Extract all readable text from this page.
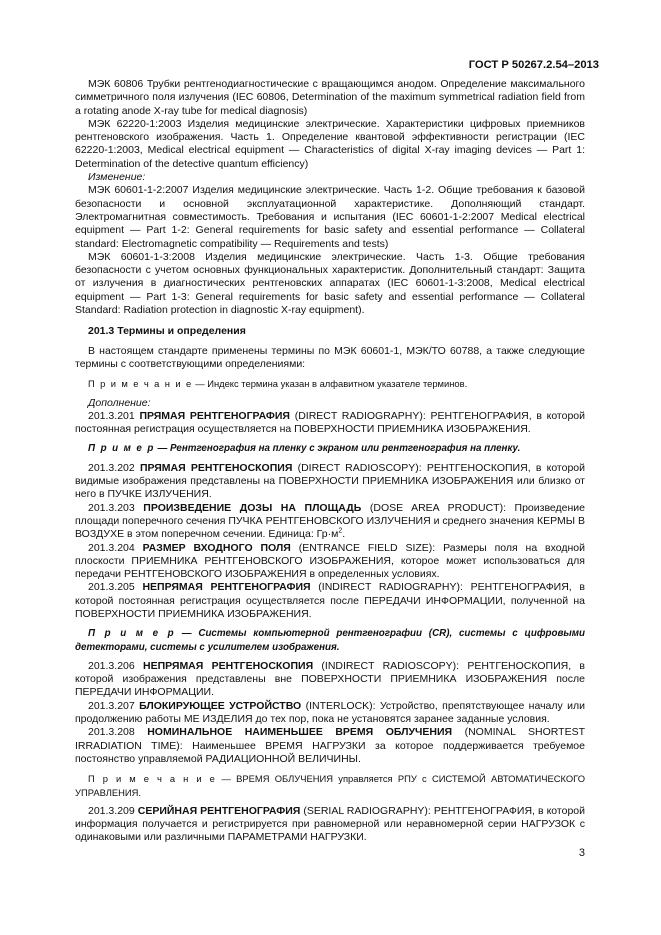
ГОСТ Р 50267.2.54–2013

МЭК 60806 Трубки рентгенодиагностические с вращающимся анодом. Определение максимального симметричного поля излучения (IEC 60806, Determination of the maximum symmetrical radiation field from a rotating anode X-ray tube for medical diagnosis)

МЭК 62220-1:2003 Изделия медицинские электрические. Характеристики цифровых приемников рентгеновского изображения. Часть 1. Определение квантовой эффективности регистрации (IEC 62220-1:2003, Medical electrical equipment — Characteristics of digital X-ray imaging devices — Part 1: Determination of the detective quantum efficiency)

Изменение:

МЭК 60601-1-2:2007 Изделия медицинские электрические. Часть 1-2. Общие требования к базовой безопасности и основной эксплуатационной характеристике. Дополняющий стандарт. Электромагнитная совместимость. Требования и испытания (IEC 60601-1-2:2007 Medical electrical equipment — Part 1-2: General requirements for basic safety and essential performance — Collateral standard: Electromagnetic compatibility — Requirements and tests)

МЭК 60601-1-3:2008 Изделия медицинские электрические. Часть 1-3. Общие требования безопасности с учетом основных функциональных характеристик. Дополнительный стандарт: Защита от излучения в диагностических рентгеновских аппаратах (IEC 60601-1-3:2008, Medical electrical equipment — Part 1-3: General requirements for basic safety and essential performance — Collateral Standard: Radiation protection in diagnostic X-ray equipment).

201.3 Термины и определения

В настоящем стандарте применены термины по МЭК 60601-1, МЭК/ТО 60788, а также следующие термины с соответствующими определениями:

П р и м е ч а н и е — Индекс термина указан в алфавитном указателе терминов.

Дополнение:

201.3.201 ПРЯМАЯ РЕНТГЕНОГРАФИЯ (DIRECT RADIOGRAPHY): РЕНТГЕНОГРАФИЯ, в которой постоянная регистрация осуществляется на ПОВЕРХНОСТИ ПРИЕМНИКА ИЗОБРАЖЕНИЯ.

П р и м е р — Рентгенография на пленку с экраном или рентгенография на пленку.

201.3.202 ПРЯМАЯ РЕНТГЕНОСКОПИЯ (DIRECT RADIOSCOPY): РЕНТГЕНОСКОПИЯ, в которой видимые изображения представлены на ПОВЕРХНОСТИ ПРИЕМНИКА ИЗОБРАЖЕНИЯ или близко от него в ПУЧКЕ ИЗЛУЧЕНИЯ.

201.3.203 ПРОИЗВЕДЕНИЕ ДОЗЫ НА ПЛОЩАДЬ (DOSE AREA PRODUCT): Произведение площади поперечного сечения ПУЧКА РЕНТГЕНОВСКОГО ИЗЛУЧЕНИЯ и среднего значения КЕРМЫ В ВОЗДУХЕ в этом поперечном сечении. Единица: $Гр\cdot м^2$.

201.3.204 РАЗМЕР ВХОДНОГО ПОЛЯ (ENTRANCE FIELD SIZE): Размеры поля на входной плоскости ПРИЕМНИКА РЕНТГЕНОВСКОГО ИЗОБРАЖЕНИЯ, которое может использоваться для передачи РЕНТГЕНОВСКОГО ИЗОБРАЖЕНИЯ в определенных условиях.

201.3.205 НЕПРЯМАЯ РЕНТГЕНОГРАФИЯ (INDIRECT RADIOGRAPHY): РЕНТГЕНОГРАФИЯ, в которой постоянная регистрация осуществляется после ПЕРЕДАЧИ ИНФОРМАЦИИ, полученной на ПОВЕРХНОСТИ ПРИЕМНИКА ИЗОБРАЖЕНИЯ.

П р и м е р — Системы компьютерной рентгенографии (CR), системы с цифровыми детекторами, системы с усилителем изображения.

201.3.206 НЕПРЯМАЯ РЕНТГЕНОСКОПИЯ (INDIRECT RADIOSCOPY): РЕНТГЕНОСКОПИЯ, в которой изображения представлены вне ПОВЕРХНОСТИ ПРИЕМНИКА ИЗОБРАЖЕНИЯ после ПЕРЕДАЧИ ИНФОРМАЦИИ.

201.3.207 БЛОКИРУЮЩЕЕ УСТРОЙСТВО (INTERLOCK): Устройство, препятствующее началу или продолжению работы МЕ ИЗДЕЛИЯ до тех пор, пока не установятся заранее заданные условия.

201.3.208 НОМИНАЛЬНОЕ НАИМЕНЬШЕЕ ВРЕМЯ ОБЛУЧЕНИЯ (NOMINAL SHORTEST IRRADIATION TIME): Наименьшее ВРЕМЯ НАГРУЗКИ за которое поддерживается требуемое постоянство управляемой РАДИАЦИОННОЙ ВЕЛИЧИНЫ.

П р и м е ч а н и е — ВРЕМЯ ОБЛУЧЕНИЯ управляется РПУ с СИСТЕМОЙ АВТОМАТИЧЕСКОГО УПРАВЛЕНИЯ.

201.3.209 СЕРИЙНАЯ РЕНТГЕНОГРАФИЯ (SERIAL RADIOGRAPHY): РЕНТГЕНОГРАФИЯ, в которой информация получается и регистрируется при равномерной или неравномерной серии НАГРУЗОК с одинаковыми или различными ПАРАМЕТРАМИ НАГРУЗКИ.

3
